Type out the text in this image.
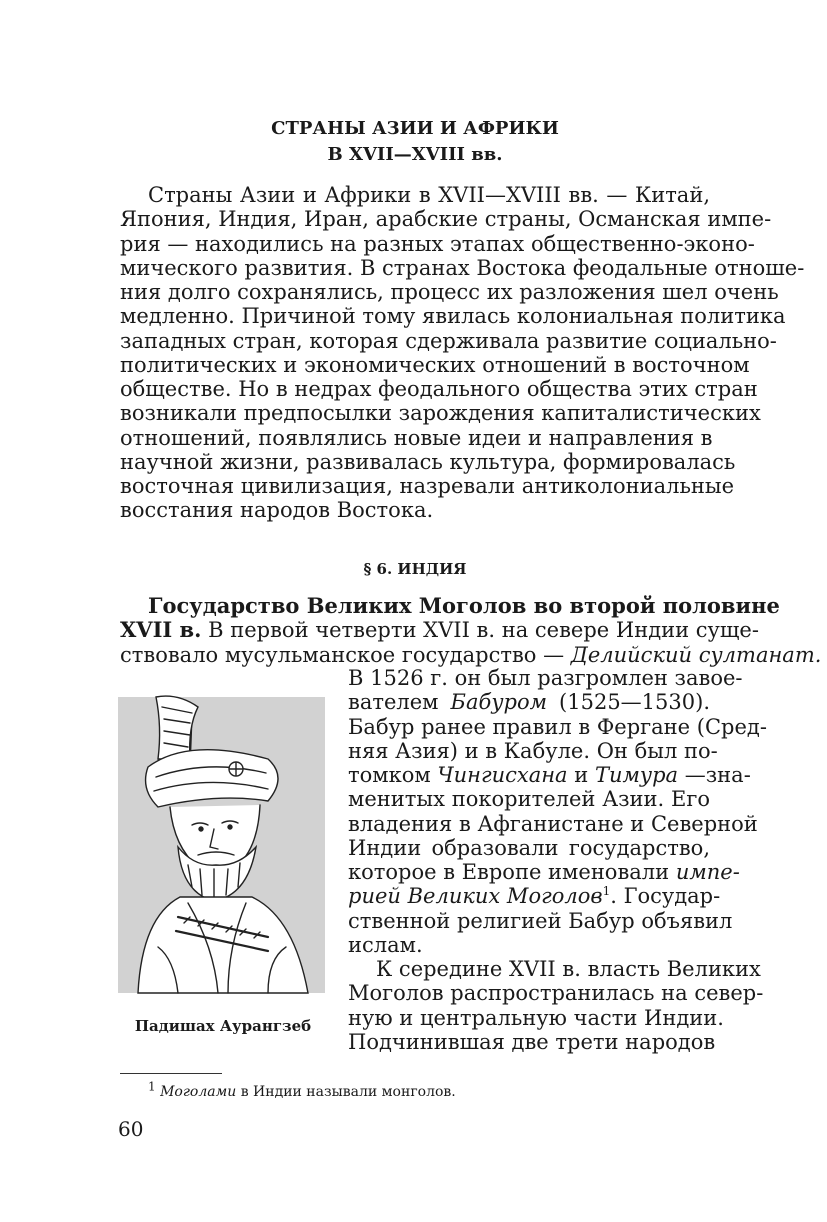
СТРАНЫ АЗИИ И АФРИКИ
В XVII—XVIII вв.
Страны Азии и Африки в XVII—XVIII вв. — Китай,
Япония, Индия, Иран, арабские страны, Османская импе-
рия — находились на разных этапах общественно-эконо-
мического развития. В странах Востока феодальные отноше-
ния долго сохранялись, процесс их разложения шел очень
медленно. Причиной тому явилась колониальная политика
западных стран, которая сдерживала развитие социально-
политических и экономических отношений в восточном
обществе. Но в недрах феодального общества этих стран
возникали предпосылки зарождения капиталистических
отношений, появлялись новые идеи и направления в
научной жизни, развивалась культура, формировалась
восточная цивилизация, назревали антиколониальные
восстания народов Востока.
§ 6. ИНДИЯ
Государство Великих Моголов во второй половине
XVII в. В первой четверти XVII в. на севере Индии суще-
ствовало мусульманское государство — Делийский султанат.
В 1526 г. он был разгромлен завое-
вателем Бабуром (1525—1530).
Бабур ранее правил в Фергане (Сред-
няя Азия) и в Кабуле. Он был по-
томком Чингисхана и Тимура —зна-
менитых покорителей Азии. Его
владения в Афганистане и Северной
Индии образовали государство,
которое в Европе именовали импе-
рией Великих Моголов$^1$. Государ-
ственной религией Бабур объявил
ислам.
К середине XVII в. власть Великих
Моголов распространилась на север-
ную и центральную части Индии.
Подчинившая две трети народов
Падишах Аурангзеб
1 Моголами в Индии называли монголов.
60
